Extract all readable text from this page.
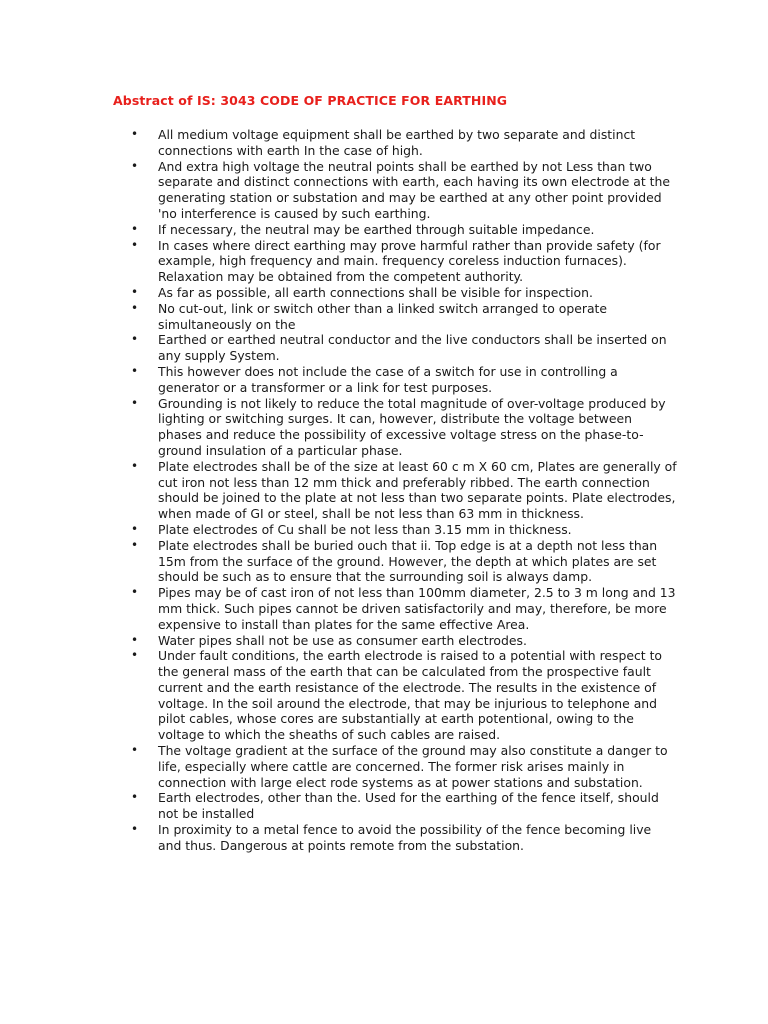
Abstract of IS: 3043 CODE OF PRACTICE FOR EARTHING
• All medium voltage equipment shall be earthed by two separate and distinct connections with earth In the case of high.
• And extra high voltage the neutral points shall be earthed by not Less than two separate and distinct connections with earth, each having its own electrode at the generating station or substation and may be earthed at any other point provided 'no interference is caused by such earthing.
• If necessary, the neutral may be earthed through suitable impedance.
• In cases where direct earthing may prove harmful rather than provide safety (for example, high frequency and main. frequency coreless induction furnaces). Relaxation may be obtained from the competent authority.
• As far as possible, all earth connections shall be visible for inspection.
• No cut-out, link or switch other than a linked switch arranged to operate simultaneously on the
• Earthed or earthed neutral conductor and the live conductors shall be inserted on any supply System.
• This however does not include the case of a switch for use in controlling a generator or a transformer or a link for test purposes.
• Grounding is not likely to reduce the total magnitude of over-voltage produced by lighting or switching surges. It can, however, distribute the voltage between phases and reduce the possibility of excessive voltage stress on the phase-to-ground insulation of a particular phase.
• Plate electrodes shall be of the size at least 60 c m X 60 cm, Plates are generally of cut iron not less than 12 mm thick and preferably ribbed. The earth connection should be joined to the plate at not less than two separate points. Plate electrodes, when made of GI or steel, shall be not less than 63 mm in thickness.
• Plate electrodes of Cu shall be not less than 3.15 mm in thickness.
• Plate electrodes shall be buried ouch that ii. Top edge is at a depth not less than 15m from the surface of the ground. However, the depth at which plates are set should be such as to ensure that the surrounding soil is always damp.
• Pipes may be of cast iron of not less than 100mm diameter, 2.5 to 3 m long and 13 mm thick. Such pipes cannot be driven satisfactorily and may, therefore, be more expensive to install than plates for the same effective Area.
• Water pipes shall not be use as consumer earth electrodes.
• Under fault conditions, the earth electrode is raised to a potential with respect to the general mass of the earth that can be calculated from the prospective fault current and the earth resistance of the electrode. The results in the existence of voltage. In the soil around the electrode, that may be injurious to telephone and pilot cables, whose cores are substantially at earth potentional, owing to the voltage to which the sheaths of such cables are raised.
• The voltage gradient at the surface of the ground may also constitute a danger to life, especially where cattle are concerned. The former risk arises mainly in connection with large elect rode systems as at power stations and substation.
• Earth electrodes, other than the. Used for the earthing of the fence itself, should not be installed
• In proximity to a metal fence to avoid the possibility of the fence becoming live and thus. Dangerous at points remote from the substation.
